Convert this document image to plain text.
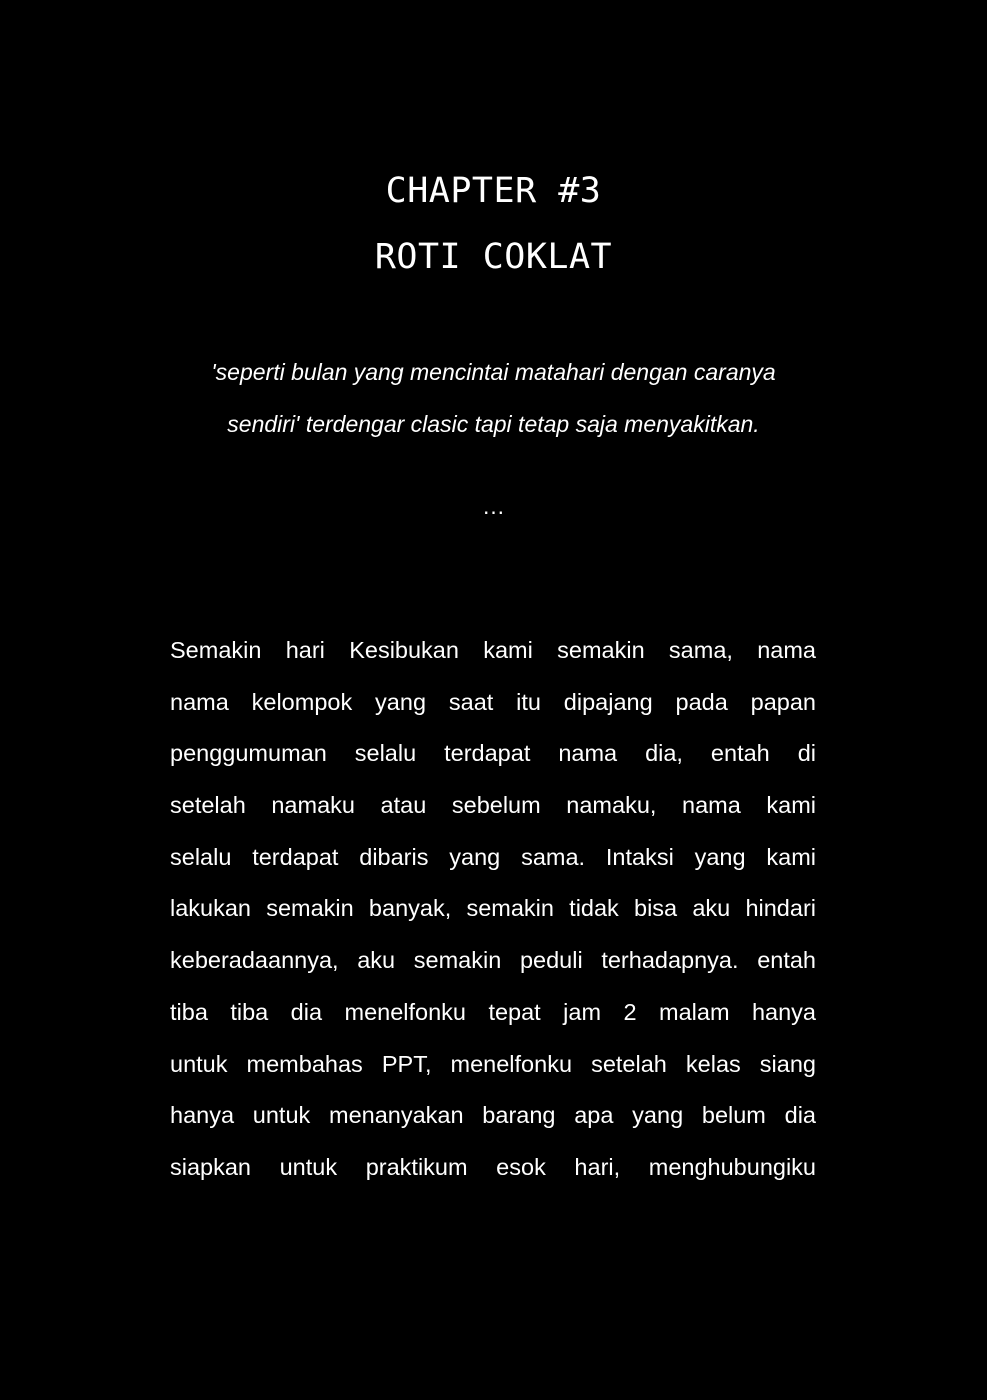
CHAPTER #3
ROTI COKLAT
'seperti bulan yang mencintai matahari dengan caranya
sendiri' terdengar clasic tapi tetap saja menyakitkan.
…
Semakin hari Kesibukan kami semakin sama, nama
nama kelompok yang saat itu dipajang pada papan
penggumuman selalu terdapat nama dia, entah di
setelah namaku atau sebelum namaku, nama kami
selalu terdapat dibaris yang sama. Intaksi yang kami
lakukan semakin banyak, semakin tidak bisa aku hindari
keberadaannya, aku semakin peduli terhadapnya. entah
tiba tiba dia menelfonku tepat jam 2 malam hanya
untuk membahas PPT, menelfonku setelah kelas siang
hanya untuk menanyakan barang apa yang belum dia
siapkan untuk praktikum esok hari, menghubungiku
